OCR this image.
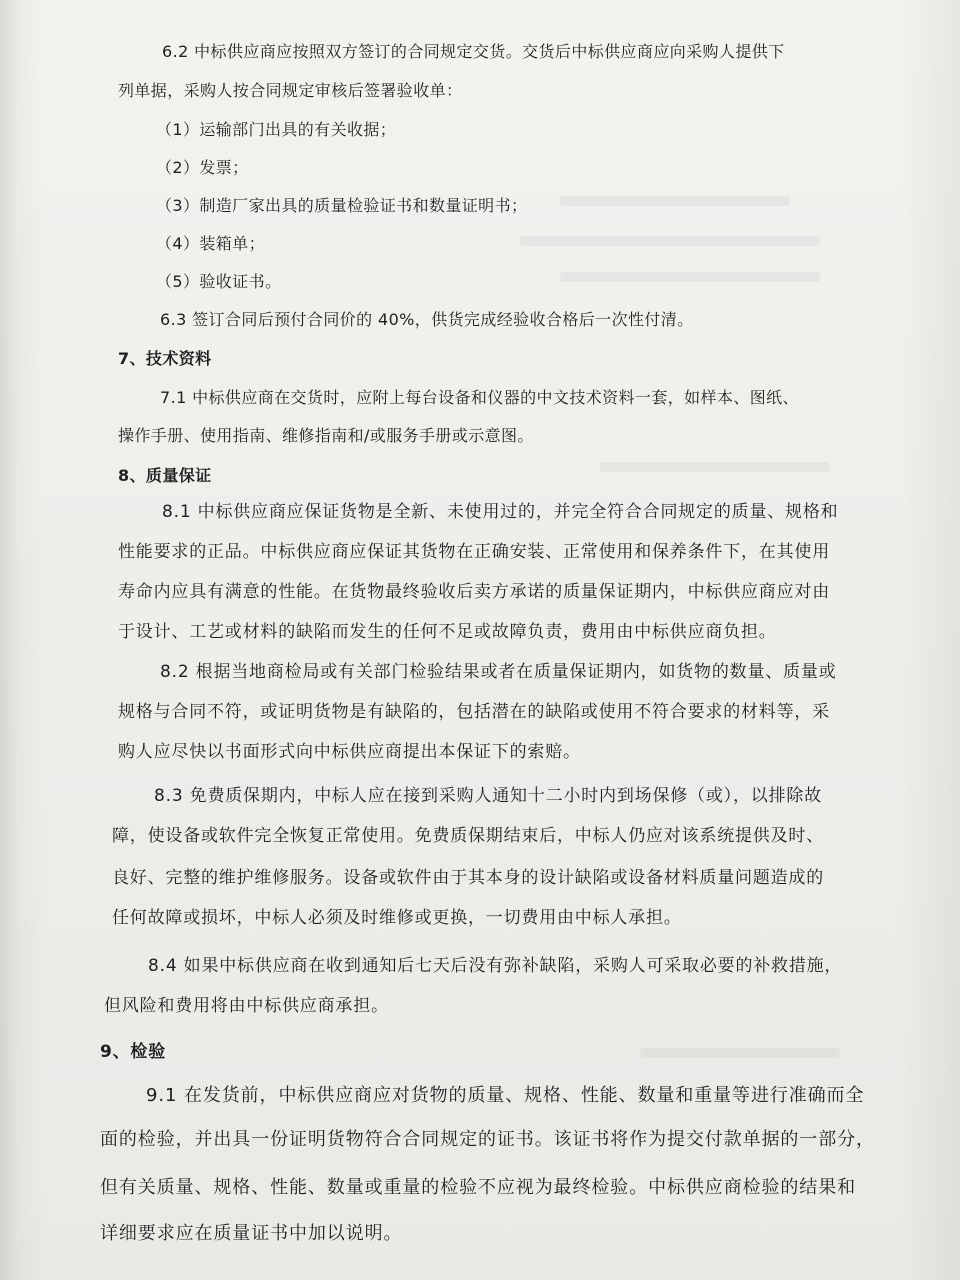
6.2 中标供应商应按照双方签订的合同规定交货。交货后中标供应商应向采购人提供下
列单据，采购人按合同规定审核后签署验收单：
（1）运输部门出具的有关收据；
（2）发票；
（3）制造厂家出具的质量检验证书和数量证明书；
（4）装箱单；
（5）验收证书。
6.3 签订合同后预付合同价的 40%，供货完成经验收合格后一次性付清。
7、技术资料
7.1 中标供应商在交货时，应附上每台设备和仪器的中文技术资料一套，如样本、图纸、
操作手册、使用指南、维修指南和/或服务手册或示意图。
8、质量保证
8.1 中标供应商应保证货物是全新、未使用过的，并完全符合合同规定的质量、规格和
性能要求的正品。中标供应商应保证其货物在正确安装、正常使用和保养条件下，在其使用
寿命内应具有满意的性能。在货物最终验收后卖方承诺的质量保证期内，中标供应商应对由
于设计、工艺或材料的缺陷而发生的任何不足或故障负责，费用由中标供应商负担。
8.2 根据当地商检局或有关部门检验结果或者在质量保证期内，如货物的数量、质量或
规格与合同不符，或证明货物是有缺陷的，包括潜在的缺陷或使用不符合要求的材料等，采
购人应尽快以书面形式向中标供应商提出本保证下的索赔。
8.3 免费质保期内，中标人应在接到采购人通知十二小时内到场保修（或），以排除故
障，使设备或软件完全恢复正常使用。免费质保期结束后，中标人仍应对该系统提供及时、
良好、完整的维护维修服务。设备或软件由于其本身的设计缺陷或设备材料质量问题造成的
任何故障或损坏，中标人必须及时维修或更换，一切费用由中标人承担。
8.4 如果中标供应商在收到通知后七天后没有弥补缺陷，采购人可采取必要的补救措施，
但风险和费用将由中标供应商承担。
9、检验
9.1 在发货前，中标供应商应对货物的质量、规格、性能、数量和重量等进行准确而全
面的检验，并出具一份证明货物符合合同规定的证书。该证书将作为提交付款单据的一部分，
但有关质量、规格、性能、数量或重量的检验不应视为最终检验。中标供应商检验的结果和
详细要求应在质量证书中加以说明。
